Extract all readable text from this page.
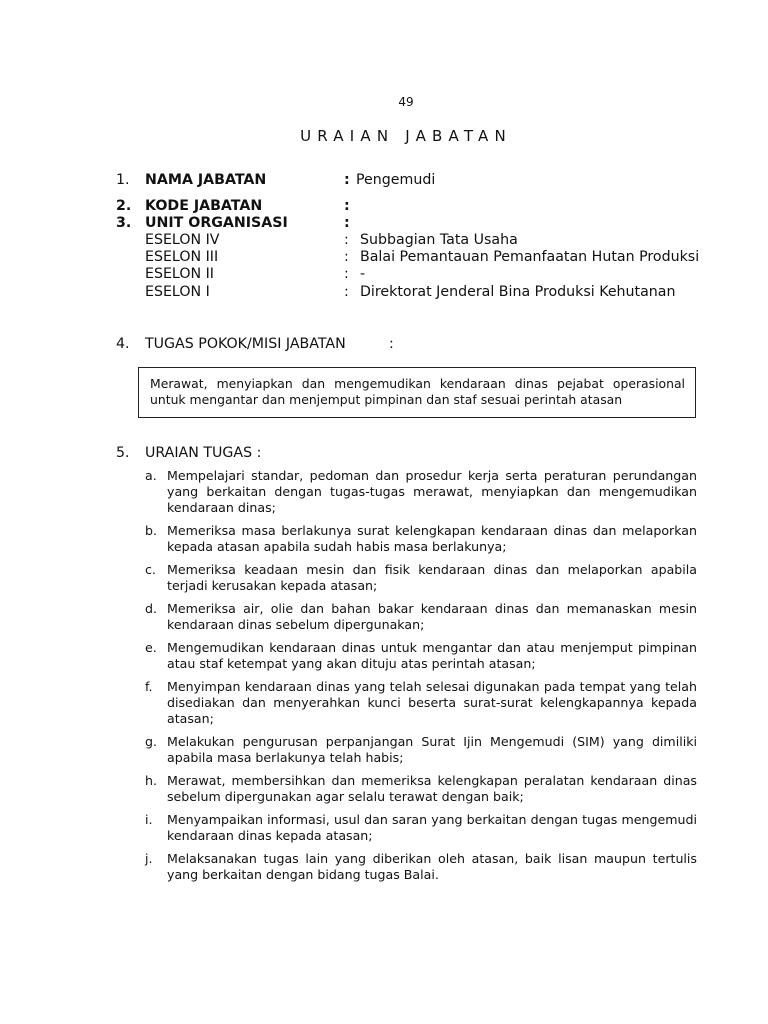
49
URAIAN JABATAN
1. NAMA JABATAN	: Pengemudi
2. KODE JABATAN	:
3. UNIT ORGANISASI	:
ESELON IV	: Subbagian Tata Usaha
ESELON III	: Balai Pemantauan Pemanfaatan Hutan Produksi
ESELON II	: -
ESELON I	: Direktorat Jenderal Bina Produksi Kehutanan
4. TUGAS POKOK/MISI JABATAN	:
Merawat, menyiapkan dan mengemudikan kendaraan dinas pejabat operasional untuk mengantar dan menjemput pimpinan dan staf sesuai perintah atasan
5. URAIAN TUGAS :
a. Mempelajari standar, pedoman dan prosedur kerja serta peraturan perundangan yang berkaitan dengan tugas-tugas merawat, menyiapkan dan mengemudikan kendaraan dinas;
b. Memeriksa masa berlakunya surat kelengkapan kendaraan dinas dan melaporkan kepada atasan apabila sudah habis masa berlakunya;
c. Memeriksa keadaan mesin dan fisik kendaraan dinas dan melaporkan apabila terjadi kerusakan kepada atasan;
d. Memeriksa air, olie dan bahan bakar kendaraan dinas dan memanaskan mesin kendaraan dinas sebelum dipergunakan;
e. Mengemudikan kendaraan dinas untuk mengantar dan atau menjemput pimpinan atau staf ketempat yang akan dituju atas perintah atasan;
f. Menyimpan kendaraan dinas yang telah selesai digunakan pada tempat yang telah disediakan dan menyerahkan kunci beserta surat-surat kelengkapannya kepada atasan;
g. Melakukan pengurusan perpanjangan Surat Ijin Mengemudi (SIM) yang dimiliki apabila masa berlakunya telah habis;
h. Merawat, membersihkan dan memeriksa kelengkapan peralatan kendaraan dinas sebelum dipergunakan agar selalu terawat dengan baik;
i. Menyampaikan informasi, usul dan saran yang berkaitan dengan tugas mengemudi kendaraan dinas kepada atasan;
j. Melaksanakan tugas lain yang diberikan oleh atasan, baik lisan maupun tertulis yang berkaitan dengan bidang tugas Balai.
